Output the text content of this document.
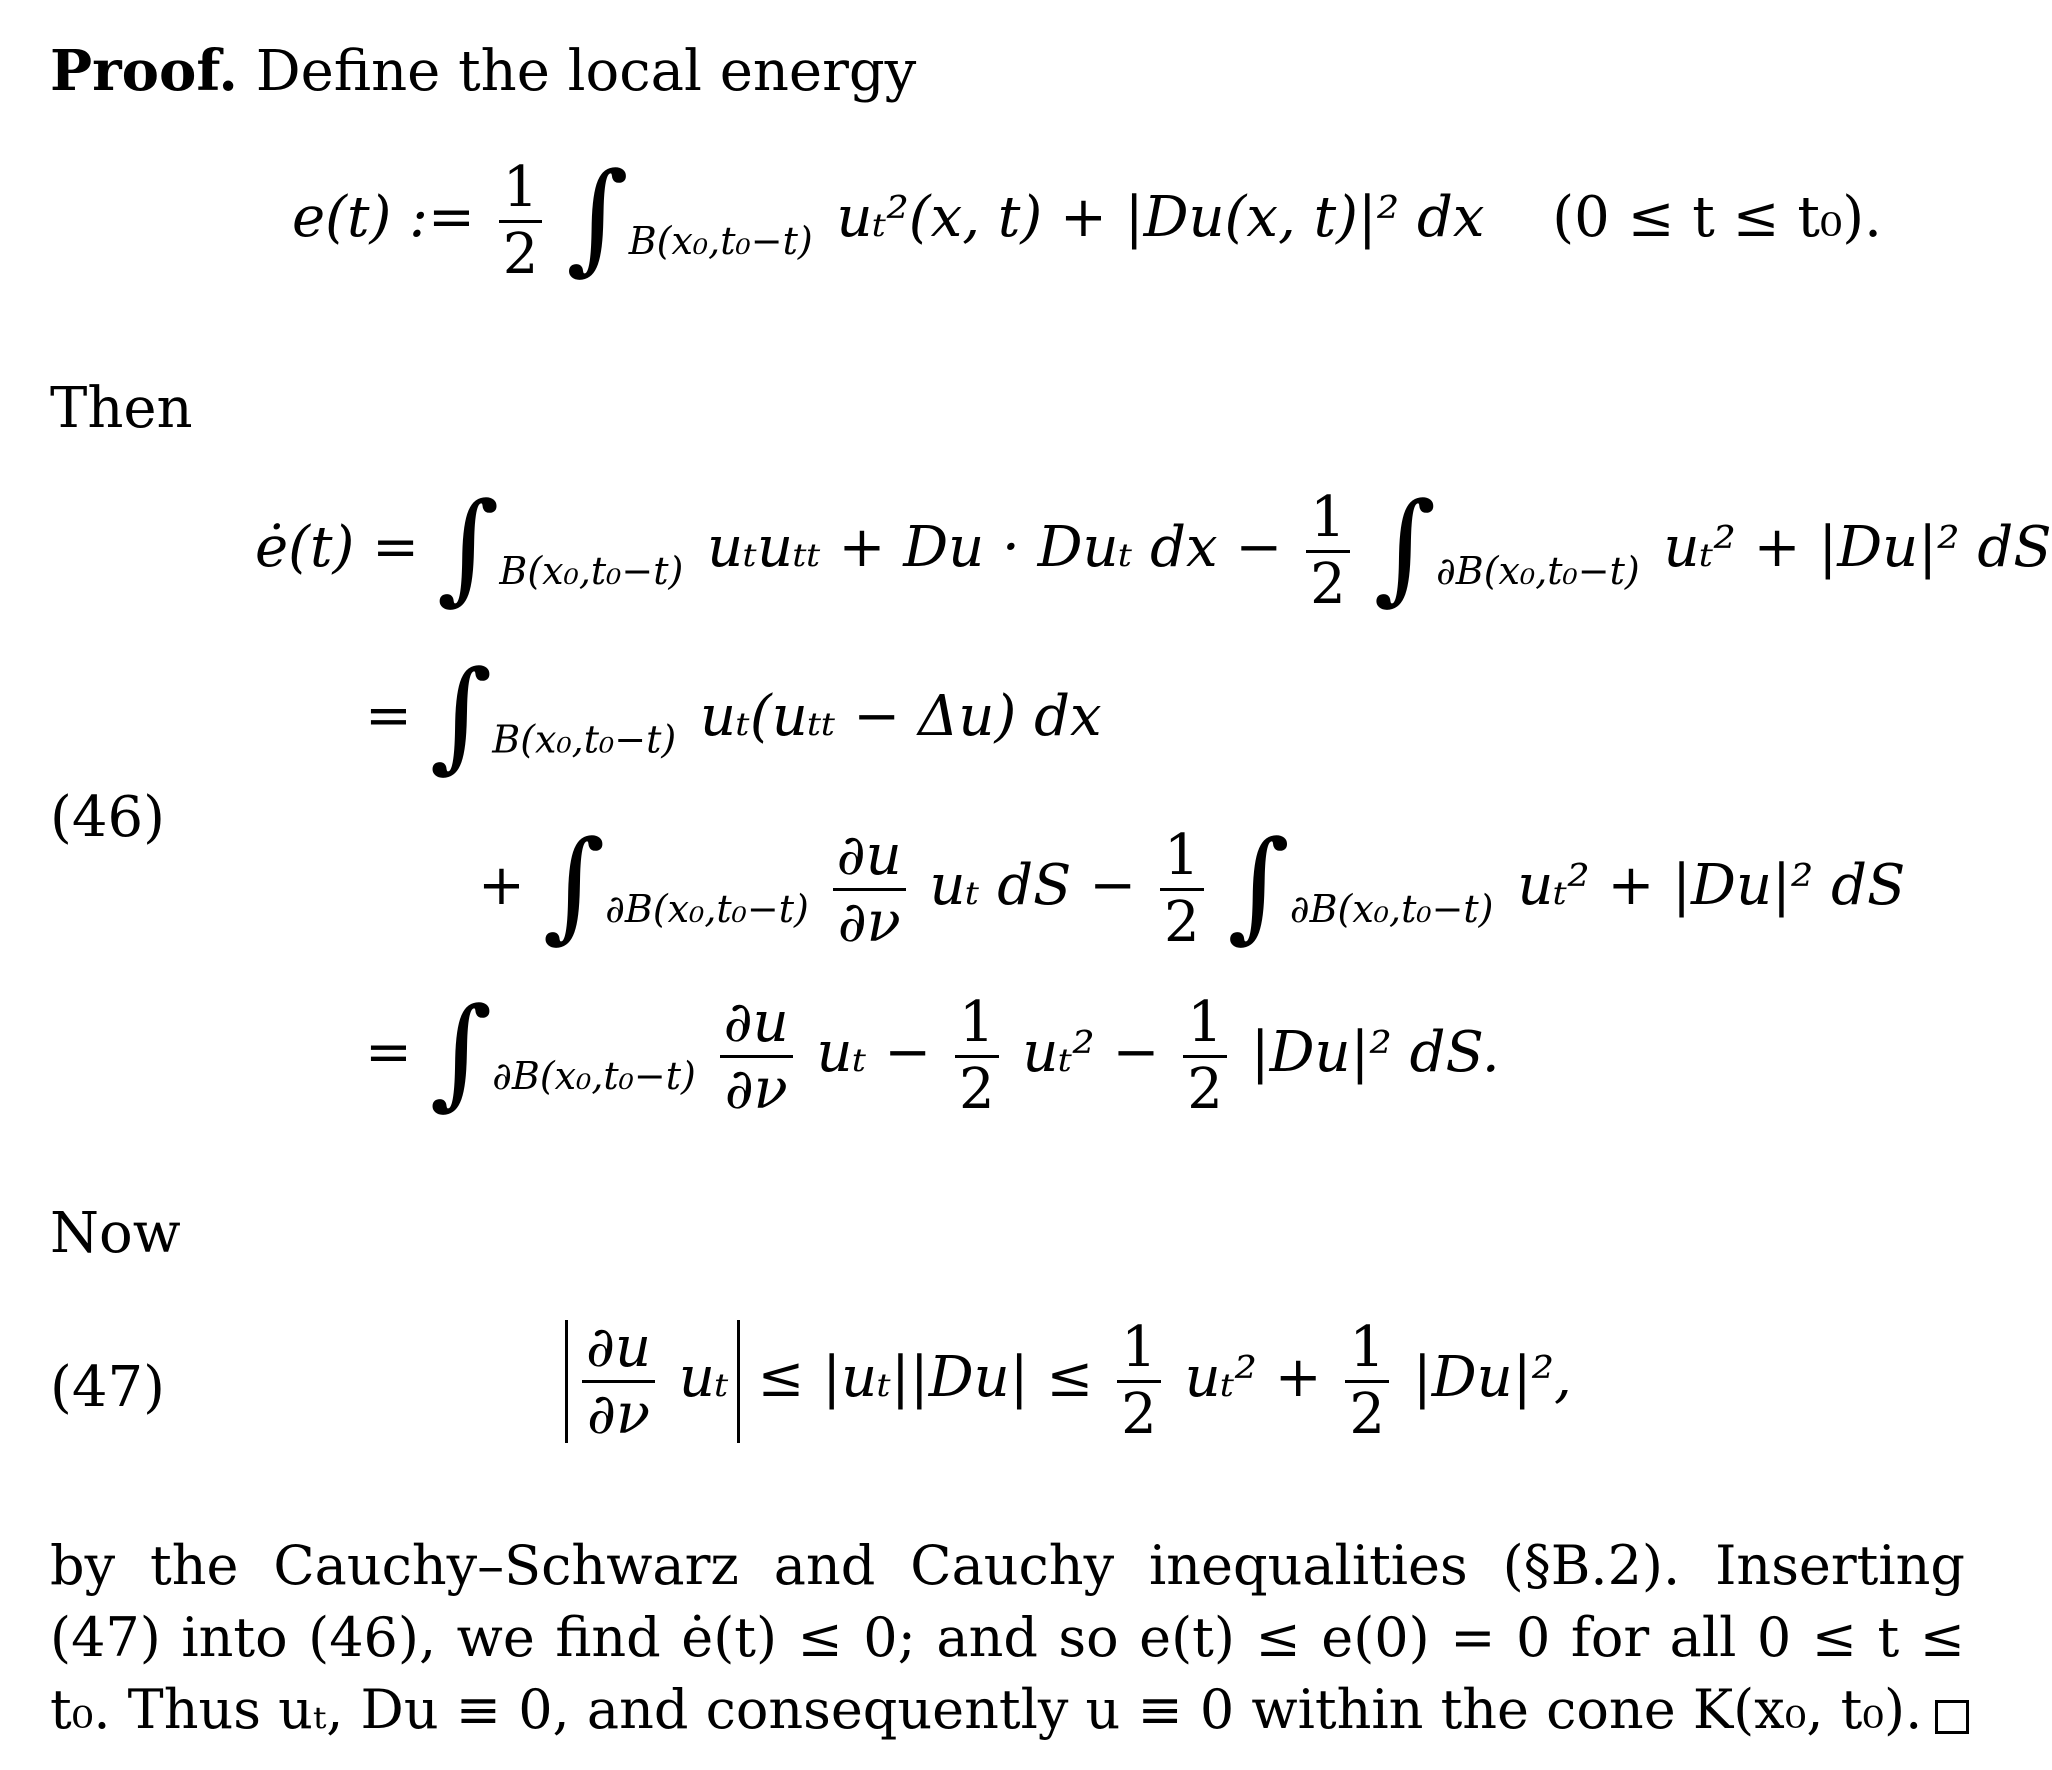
Proof. Define the local energy
e(t) := $\frac{1}{2} \int_{B(x_0,t_0-t)}$ uₜ²(x, t) + |Du(x, t)|² dx (0 ≤ t ≤ t₀).
Then
(46)
ė(t) = $\int_{B(x_0,t_0-t)}$ uₜuₜₜ + Du · Duₜ dx − $\frac{1}{2} \int_{\partial B(x_0,t_0-t)}$ uₜ² + |Du|² dS
= $\int_{B(x_0,t_0-t)}$ uₜ(uₜₜ − Δu) dx
+ $\int_{\partial B(x_0,t_0-t)} \frac{\partial u}{\partial\nu}$ uₜ dS − $\frac{1}{2} \int_{\partial B(x_0,t_0-t)}$ uₜ² + |Du|² dS
= $\int_{\partial B(x_0,t_0-t)} \frac{\partial u}{\partial\nu}$ $u_t - \frac{1}{2} u_t^2 - \frac{1}{2} |Du|^2$ dS.
Now
(47)	$\frac{\partial u}{\partial\nu}$ $u_t \le |u_t||Du| \le \frac{1}{2} u_t^2 + \frac{1}{2} |Du|^2$,
by the Cauchy–Schwarz and Cauchy inequalities (§B.2). Inserting (47) into (46), we find ė(t) ≤ 0; and so e(t) ≤ e(0) = 0 for all 0 ≤ t ≤ t₀. Thus uₜ, Du ≡ 0, and consequently u ≡ 0 within the cone K(x₀, t₀).
